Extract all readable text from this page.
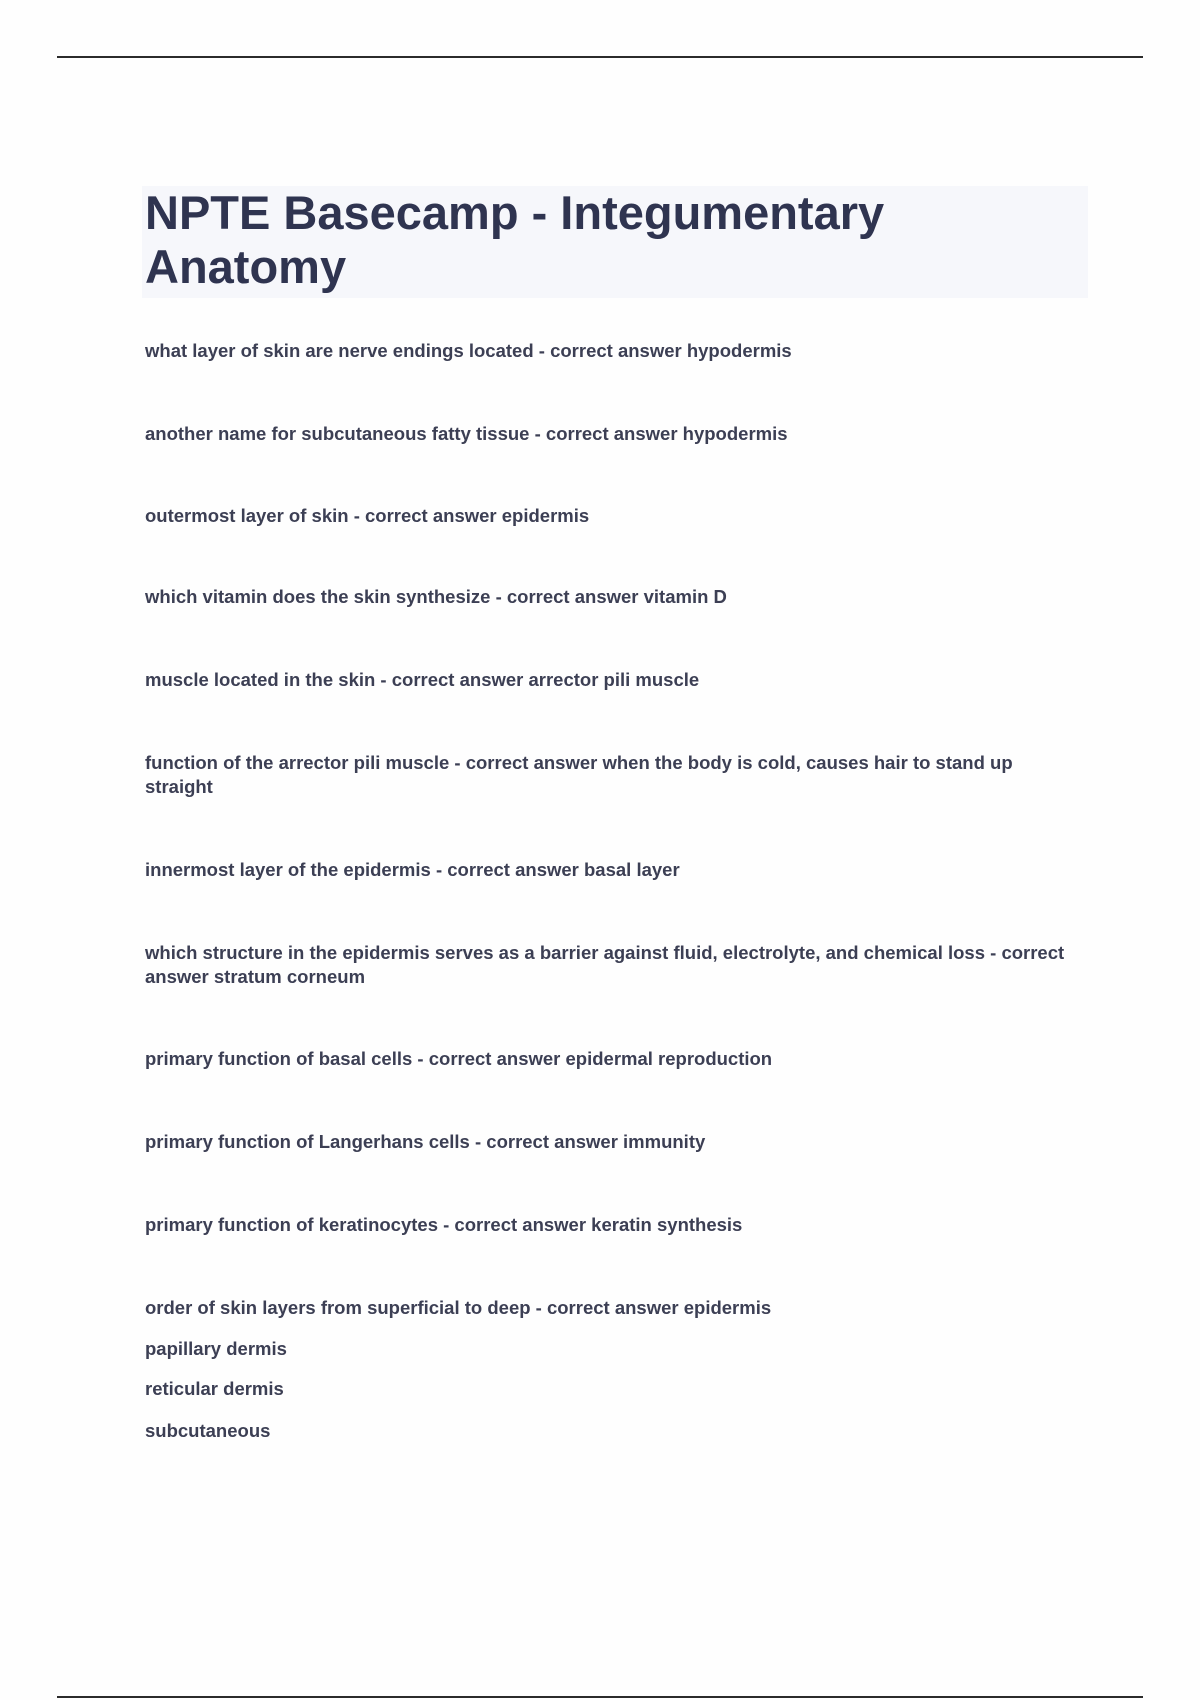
NPTE Basecamp - Integumentary Anatomy

what layer of skin are nerve endings located - correct answer hypodermis

another name for subcutaneous fatty tissue - correct answer hypodermis

outermost layer of skin - correct answer epidermis

which vitamin does the skin synthesize - correct answer vitamin D

muscle located in the skin - correct answer arrector pili muscle

function of the arrector pili muscle - correct answer when the body is cold, causes hair to stand up straight

innermost layer of the epidermis - correct answer basal layer

which structure in the epidermis serves as a barrier against fluid, electrolyte, and chemical loss - correct answer stratum corneum

primary function of basal cells - correct answer epidermal reproduction

primary function of Langerhans cells - correct answer immunity

primary function of keratinocytes - correct answer keratin synthesis

order of skin layers from superficial to deep - correct answer epidermis

papillary dermis

reticular dermis

subcutaneous
